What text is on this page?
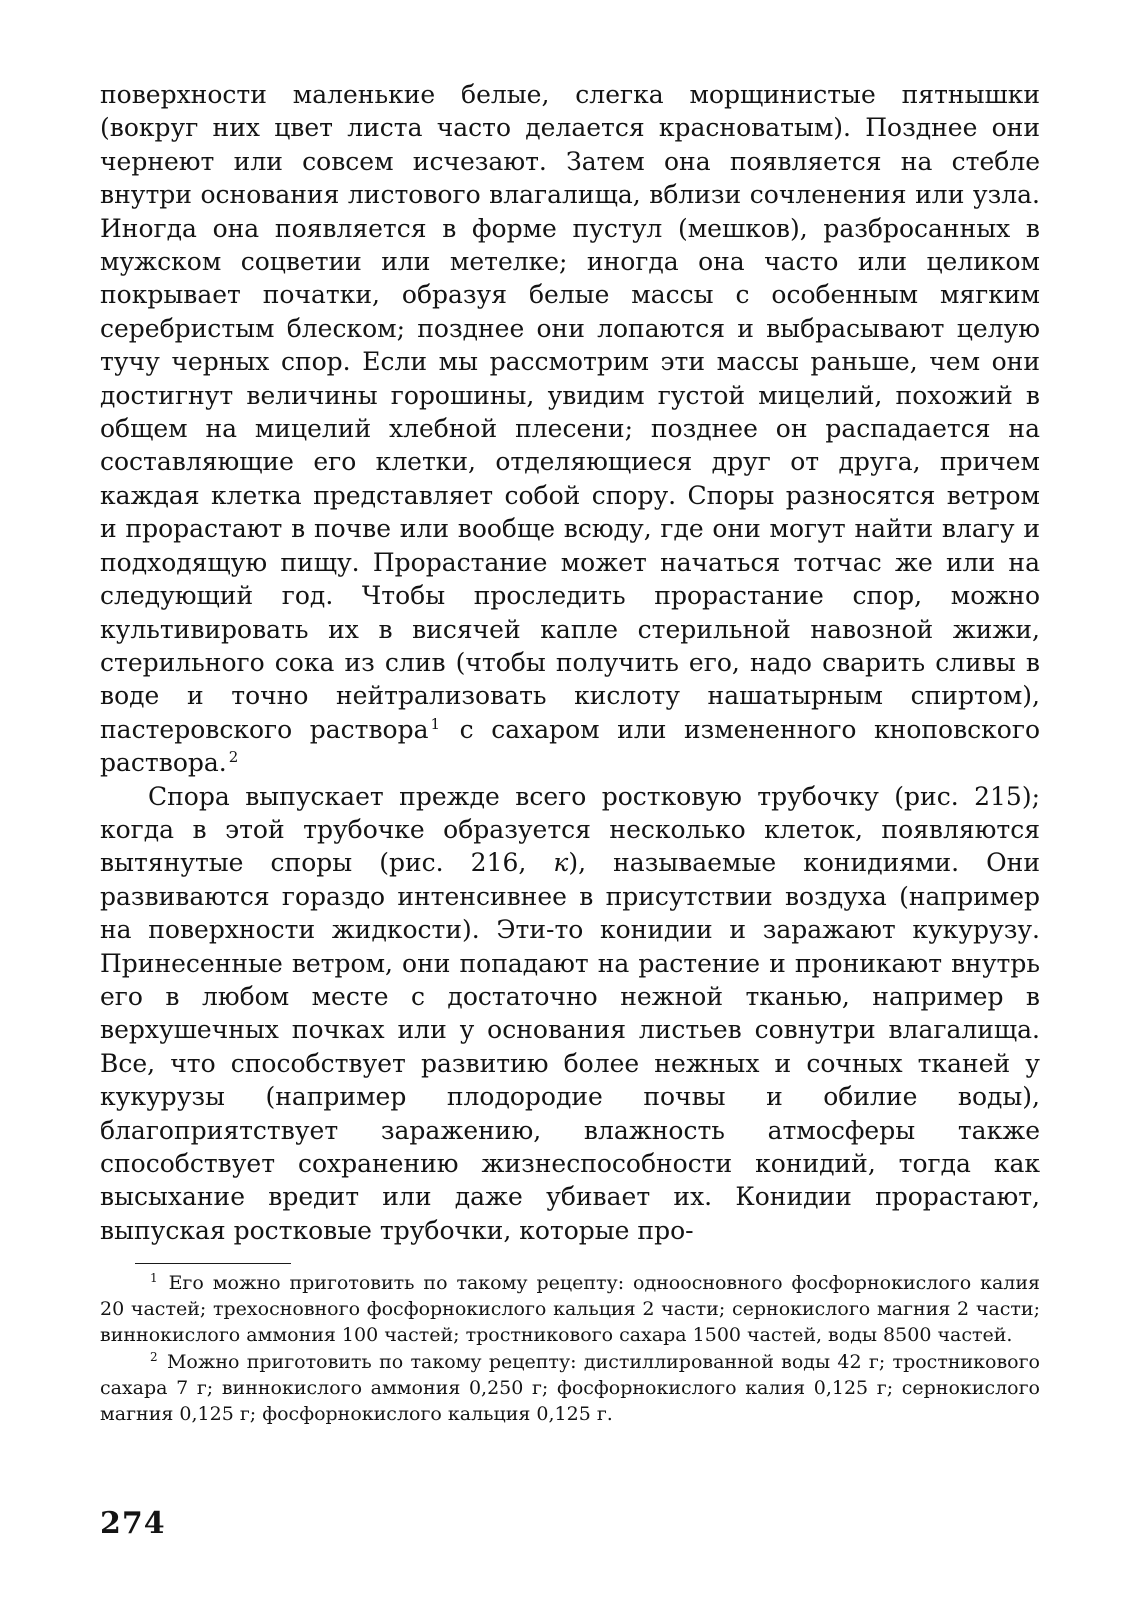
поверхности маленькие белые, слегка морщинистые пятнышки (вокруг них цвет листа часто делается красноватым). Позднее они чернеют или совсем исчезают. Затем она появляется на стебле внутри основания листового влагалища, вблизи сочленения или узла. Иногда она появляется в форме пустул (мешков), разбросанных в мужском соцветии или метелке; иногда она часто или целиком покрывает початки, образуя белые массы с особенным мягким серебристым блеском; позднее они лопаются и выбрасывают целую тучу черных спор. Если мы рассмотрим эти массы раньше, чем они достигнут величины горошины, увидим густой мицелий, похожий в общем на мицелий хлебной плесени; позднее он распадается на составляющие его клетки, отделяющиеся друг от друга, причем каждая клетка представляет собой спору. Споры разносятся ветром и прорастают в почве или вообще всюду, где они могут найти влагу и подходящую пищу. Прорастание может начаться тотчас же или на следующий год. Чтобы проследить прорастание спор, можно культивировать их в висячей капле стерильной навозной жижи, стерильного сока из слив (чтобы получить его, надо сварить сливы в воде и точно нейтрализовать кислоту нашатырным спиртом), пастеровского раствора $^1$ с сахаром или измененного кноповского раствора. $^2$

Спора выпускает прежде всего ростковую трубочку (рис. 215); когда в этой трубочке образуется несколько клеток, появляются вытянутые споры (рис. 216, к), называемые конидиями. Они развиваются гораздо интенсивнее в присутствии воздуха (например на поверхности жидкости). Эти-то конидии и заражают кукурузу. Принесенные ветром, они попадают на растение и проникают внутрь его в любом месте с достаточно нежной тканью, например в верхушечных почках или у основания листьев совнутри влагалища. Все, что способствует развитию более нежных и сочных тканей у кукурузы (например плодородие почвы и обилие воды), благоприятствует заражению, влажность атмосферы также способствует сохранению жизнеспособности конидий, тогда как высыхание вредит или даже убивает их. Конидии прорастают, выпуская ростковые трубочки, которые про-

$^1$ Его можно приготовить по такому рецепту: одноосновного фосфорнокислого калия 20 частей; трехосновного фосфорнокислого кальция 2 части; сернокислого магния 2 части; виннокислого аммония 100 частей; тростникового сахара 1500 частей, воды 8500 частей.

$^2$ Можно приготовить по такому рецепту: дистиллированной воды 42 г; тростникового сахара 7 г; виннокислого аммония 0,250 г; фосфорнокислого калия 0,125 г; сернокислого магния 0,125 г; фосфорнокислого кальция 0,125 г.

274
